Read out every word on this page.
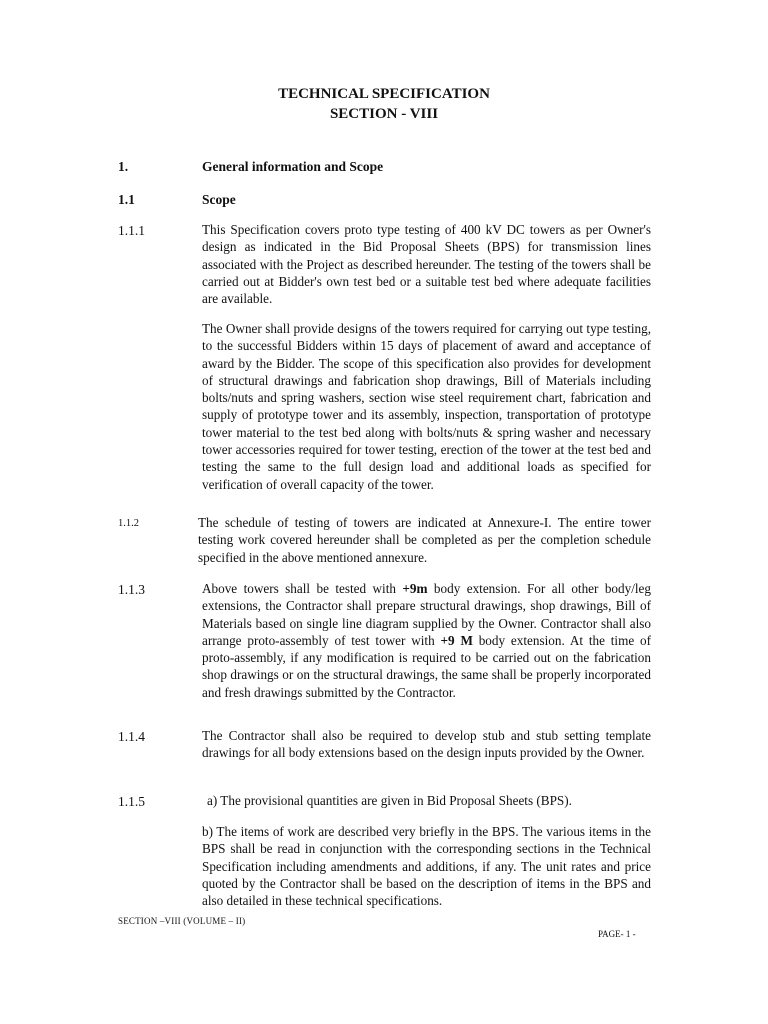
TECHNICAL SPECIFICATION
SECTION - VIII
1.	General information and Scope
1.1	Scope
1.1.1	This Specification covers proto type testing of 400 kV DC towers as per Owner's design as indicated in the Bid Proposal Sheets (BPS) for transmission lines associated with the Project as described hereunder. The testing of the towers shall be carried out at Bidder's own test bed or a suitable test bed where adequate facilities are available.
The Owner shall provide designs of the towers required for carrying out type testing, to the successful Bidders within 15 days of placement of award and acceptance of award by the Bidder. The scope of this specification also provides for development of structural drawings and fabrication shop drawings, Bill of Materials including bolts/nuts and spring washers, section wise steel requirement chart, fabrication and supply of prototype tower and its assembly, inspection, transportation of prototype tower material to the test bed along with bolts/nuts & spring washer and necessary tower accessories required for tower testing, erection of the tower at the test bed and testing the same to the full design load and additional loads as specified for verification of overall capacity of the tower.
1.1.2	The schedule of testing of towers are indicated at Annexure-I. The entire tower testing work covered hereunder shall be completed as per the completion schedule specified in the above mentioned annexure.
1.1.3	Above towers shall be tested with +9m body extension. For all other body/leg extensions, the Contractor shall prepare structural drawings, shop drawings, Bill of Materials based on single line diagram supplied by the Owner. Contractor shall also arrange proto-assembly of test tower with +9 M body extension. At the time of proto-assembly, if any modification is required to be carried out on the fabrication shop drawings or on the structural drawings, the same shall be properly incorporated and fresh drawings submitted by the Contractor.
1.1.4	The Contractor shall also be required to develop stub and stub setting template drawings for all body extensions based on the design inputs provided by the Owner.
1.1.5	a) The provisional quantities are given in Bid Proposal Sheets (BPS).
b) The items of work are described very briefly in the BPS. The various items in the BPS shall be read in conjunction with the corresponding sections in the Technical Specification including amendments and additions, if any. The unit rates and price quoted by the Contractor shall be based on the description of items in the BPS and also detailed in these technical specifications.
SECTION –VIII (VOLUME – II)
PAGE- 1 -
